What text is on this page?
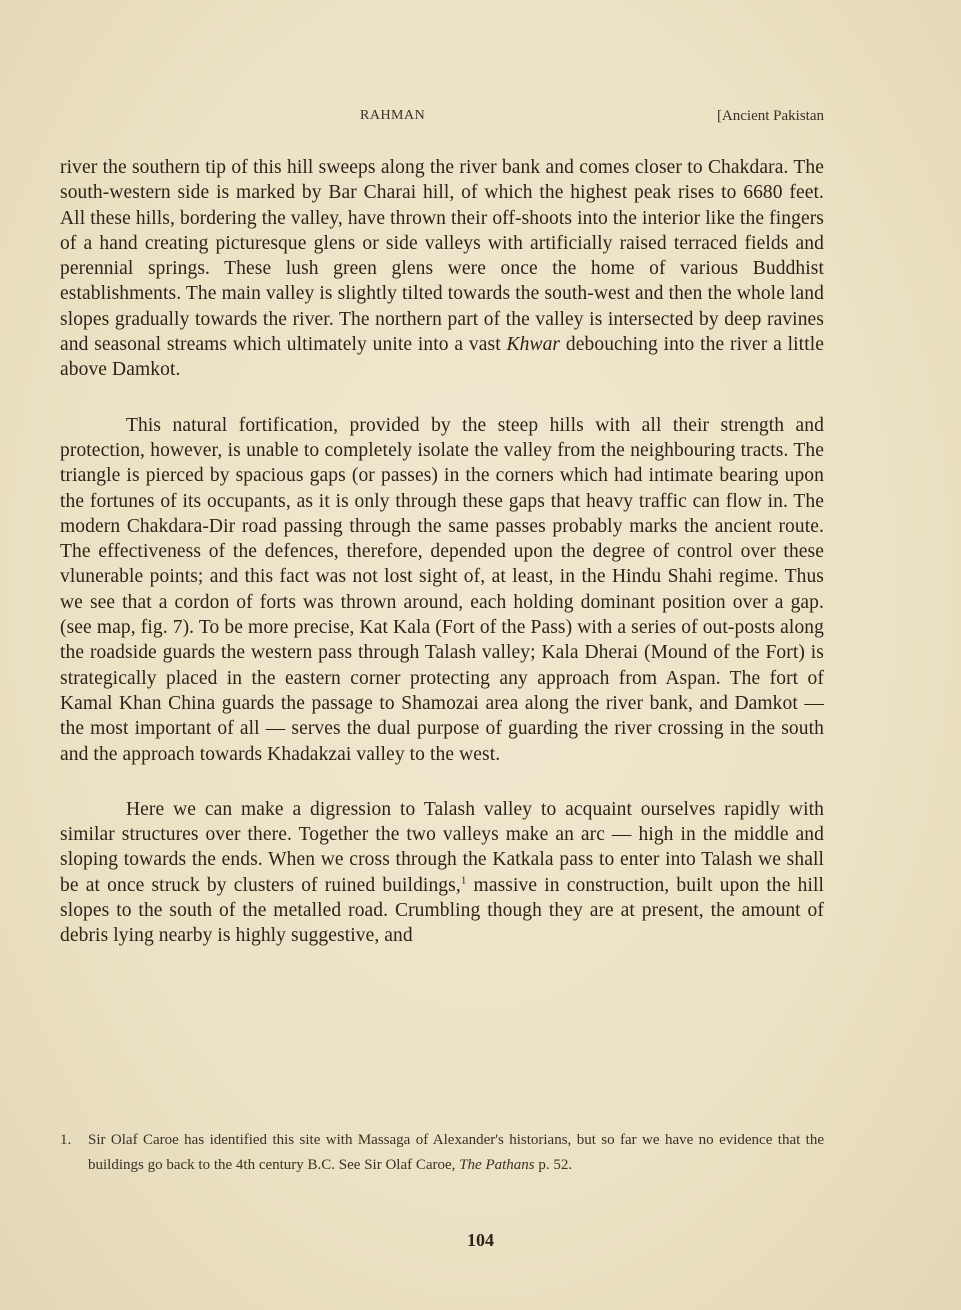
RAHMAN	[Ancient Pakistan

river the southern tip of this hill sweeps along the river bank and comes closer to Chakdara. The south-western side is marked by Bar Charai hill, of which the highest peak rises to 6680 feet. All these hills, bordering the valley, have thrown their off-shoots into the interior like the fingers of a hand creating picturesque glens or side valleys with artificially raised terraced fields and perennial springs. These lush green glens were once the home of various Buddhist establishments. The main valley is slightly tilted towards the south-west and then the whole land slopes gradually towards the river. The northern part of the valley is intersected by deep ravines and seasonal streams which ultimately unite into a vast Khwar debouching into the river a little above Damkot.

This natural fortification, provided by the steep hills with all their strength and protection, however, is unable to completely isolate the valley from the neighbouring tracts. The triangle is pierced by spacious gaps (or passes) in the corners which had intimate bearing upon the fortunes of its occupants, as it is only through these gaps that heavy traffic can flow in. The modern Chakdara-Dir road passing through the same passes probably marks the ancient route. The effectiveness of the defences, therefore, depended upon the degree of control over these vlunerable points; and this fact was not lost sight of, at least, in the Hindu Shahi regime. Thus we see that a cordon of forts was thrown around, each holding dominant position over a gap. (see map, fig. 7). To be more precise, Kat Kala (Fort of the Pass) with a series of out-posts along the roadside guards the western pass through Talash valley; Kala Dherai (Mound of the Fort) is strategically placed in the eastern corner protecting any approach from Aspan. The fort of Kamal Khan China guards the passage to Shamozai area along the river bank, and Damkot — the most important of all — serves the dual purpose of guarding the river crossing in the south and the approach towards Khadakzai valley to the west.

Here we can make a digression to Talash valley to acquaint ourselves rapidly with similar structures over there. Together the two valleys make an arc — high in the middle and sloping towards the ends. When we cross through the Katkala pass to enter into Talash we shall be at once struck by clusters of ruined buildings,$^1$ massive in construction, built upon the hill slopes to the south of the metalled road. Crumbling though they are at present, the amount of debris lying nearby is highly suggestive, and

1.	Sir Olaf Caroe has identified this site with Massaga of Alexander's historians, but so far we have no evidence that the buildings go back to the 4th century B.C. See Sir Olaf Caroe, The Pathans p. 52.
104
